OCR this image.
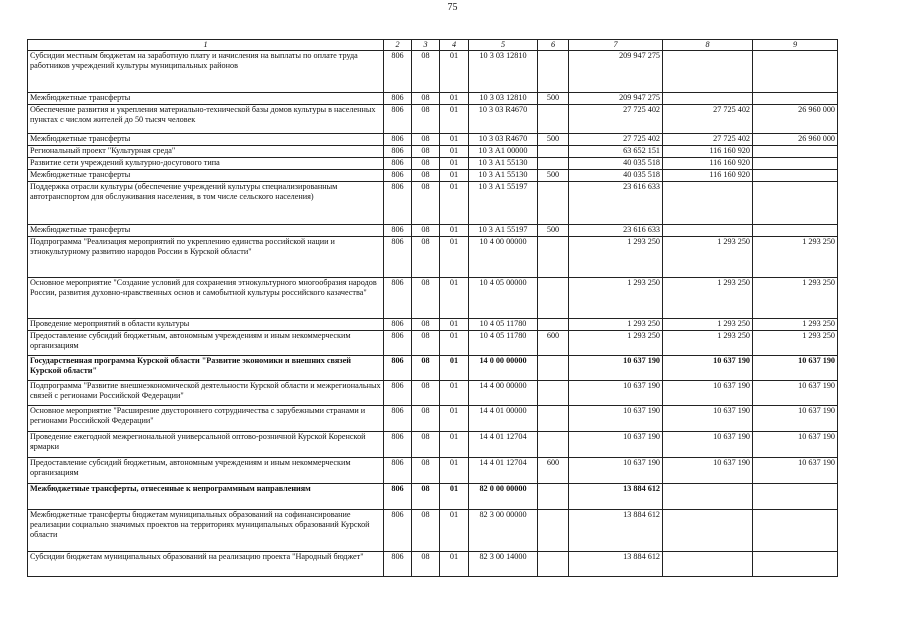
75
1	2	3	4	5	6	7	8	9
Субсидии местным бюджетам на заработную плату и начисления на выплаты по оплате труда работников учреждений культуры муниципальных районов	806	08	01	10 3 03 12810		209 947 275		
Межбюджетные трансферты	806	08	01	10 3 03 12810	500	209 947 275		
Обеспечение развития и укрепления материально-технической базы домов культуры в населенных пунктах с числом жителей до 50 тысяч человек	806	08	01	10 3 03 R4670		27 725 402	27 725 402	26 960 000
Межбюджетные трансферты	806	08	01	10 3 03 R4670	500	27 725 402	27 725 402	26 960 000
Региональный проект "Культурная среда"	806	08	01	10 3 А1 00000		63 652 151	116 160 920	
Развитие сети учреждений культурно-досугового типа	806	08	01	10 3 А1 55130		40 035 518	116 160 920	
Межбюджетные трансферты	806	08	01	10 3 А1 55130	500	40 035 518	116 160 920	
Поддержка отрасли культуры (обеспечение учреждений культуры специализированным автотранспортом для обслуживания населения, в том числе сельского населения)	806	08	01	10 3 А1 55197		23 616 633		
Межбюджетные трансферты	806	08	01	10 3 А1 55197	500	23 616 633		
Подпрограмма "Реализация мероприятий по укреплению единства российской нации и этнокультурному развитию народов России в Курской области"	806	08	01	10 4 00 00000		1 293 250	1 293 250	1 293 250
Основное мероприятие "Создание условий для сохранения этнокультурного многообразия народов России, развития духовно-нравственных основ и самобытной культуры российского казачества"	806	08	01	10 4 05 00000		1 293 250	1 293 250	1 293 250
Проведение мероприятий в области культуры	806	08	01	10 4 05 11780		1 293 250	1 293 250	1 293 250
Предоставление субсидий бюджетным, автономным учреждениям и иным некоммерческим организациям	806	08	01	10 4 05 11780	600	1 293 250	1 293 250	1 293 250
Государственная программа Курской области "Развитие экономики и внешних связей Курской области"	806	08	01	14 0 00 00000		10 637 190	10 637 190	10 637 190
Подпрограмма "Развитие внешнеэкономической деятельности Курской области и межрегиональных связей с регионами Российской Федерации"	806	08	01	14 4 00 00000		10 637 190	10 637 190	10 637 190
Основное мероприятие "Расширение двустороннего сотрудничества с зарубежными странами и регионами Российской Федерации"	806	08	01	14 4 01 00000		10 637 190	10 637 190	10 637 190
Проведение ежегодной межрегиональной универсальной оптово-розничной Курской Коренской ярмарки	806	08	01	14 4 01 12704		10 637 190	10 637 190	10 637 190
Предоставление субсидий бюджетным, автономным учреждениям и иным некоммерческим организациям	806	08	01	14 4 01 12704	600	10 637 190	10 637 190	10 637 190
Межбюджетные трансферты, отнесенные к непрограммным направлениям	806	08	01	82 0 00 00000		13 884 612		
Межбюджетные трансферты бюджетам муниципальных образований на софинансирование реализации социально значимых проектов на территориях муниципальных образований Курской области	806	08	01	82 3 00 00000		13 884 612		
Субсидии бюджетам муниципальных образований на реализацию проекта "Народный бюджет"	806	08	01	82 3 00 14000		13 884 612		
